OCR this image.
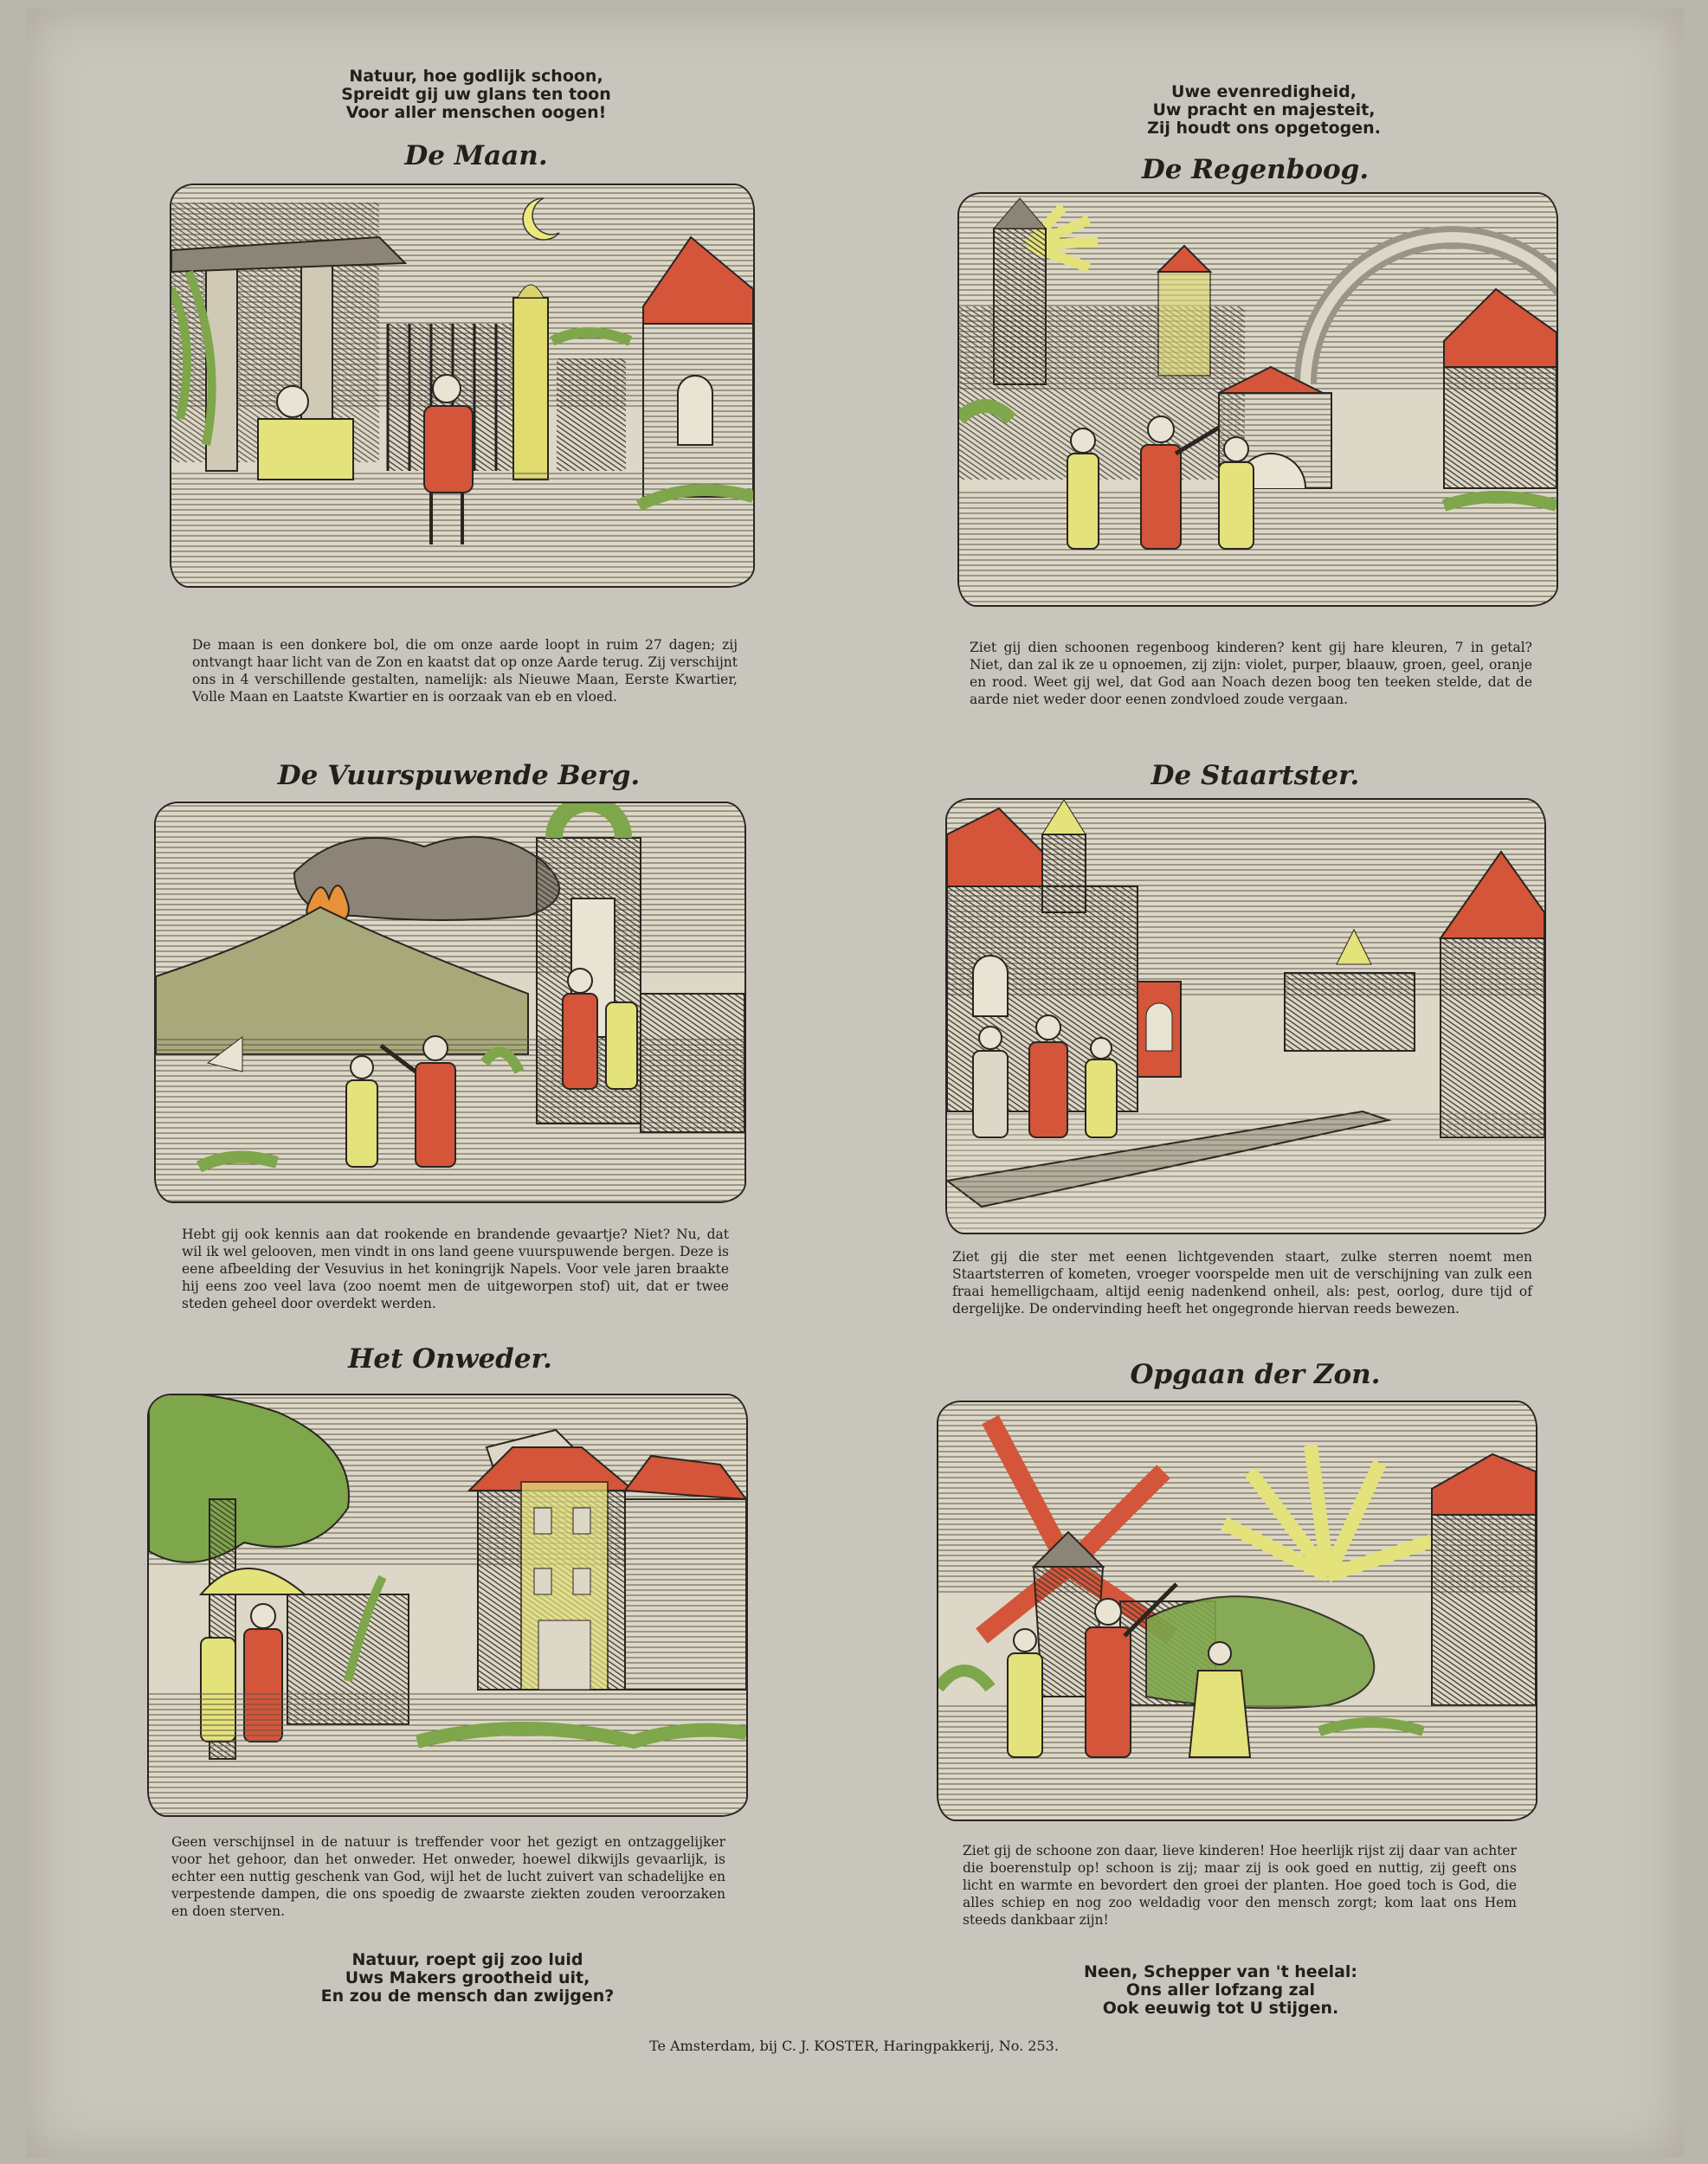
Natuur, hoe godlijk schoon,
Spreidt gij uw glans ten toon
Voor aller menschen oogen!
Uwe evenredigheid,
Uw pracht en majesteit,
Zij houdt ons opgetogen.
De Maan.
De maan is een donkere bol, die om onze aarde loopt in ruim 27 dagen; zij ontvangt haar licht van de Zon en kaatst dat op onze Aarde terug. Zij verschijnt ons in 4 verschillende gestalten, namelijk: als Nieuwe Maan, Eerste Kwartier, Volle Maan en Laatste Kwartier en is oorzaak van eb en vloed.
De Regenboog.
Ziet gij dien schoonen regenboog kinderen? kent gij hare kleuren, 7 in getal? Niet, dan zal ik ze u opnoemen, zij zijn: violet, purper, blaauw, groen, geel, oranje en rood. Weet gij wel, dat God aan Noach dezen boog ten teeken stelde, dat de aarde niet weder door eenen zondvloed zoude vergaan.
De Vuurspuwende Berg.
Hebt gij ook kennis aan dat rookende en brandende gevaartje? Niet? Nu, dat wil ik wel gelooven, men vindt in ons land geene vuurspuwende bergen. Deze is eene afbeelding der Vesuvius in het koningrijk Napels. Voor vele jaren braakte hij eens zoo veel lava (zoo noemt men de uitgeworpen stof) uit, dat er twee steden geheel door overdekt werden.
De Staartster.
Ziet gij die ster met eenen lichtgevenden staart, zulke sterren noemt men Staartsterren of kometen, vroeger voorspelde men uit de verschijning van zulk een fraai hemelligchaam, altijd eenig nadenkend onheil, als: pest, oorlog, dure tijd of dergelijke. De ondervinding heeft het ongegronde hiervan reeds bewezen.
Het Onweder.
Geen verschijnsel in de natuur is treffender voor het gezigt en ontzaggelijker voor het gehoor, dan het onweder. Het onweder, hoewel dikwijls gevaarlijk, is echter een nuttig geschenk van God, wijl het de lucht zuivert van schadelijke en verpestende dampen, die ons spoedig de zwaarste ziekten zouden veroorzaken en doen sterven.
Opgaan der Zon.
Ziet gij de schoone zon daar, lieve kinderen! Hoe heerlijk rijst zij daar van achter die boerenstulp op! schoon is zij; maar zij is ook goed en nuttig, zij geeft ons licht en warmte en bevordert den groei der planten. Hoe goed toch is God, die alles schiep en nog zoo weldadig voor den mensch zorgt; kom laat ons Hem steeds dankbaar zijn!
Natuur, roept gij zoo luid
Uws Makers grootheid uit,
En zou de mensch dan zwijgen?
Neen, Schepper van 't heelal:
Ons aller lofzang zal
Ook eeuwig tot U stijgen.
Te Amsterdam, bij C. J. KOSTER, Haringpakkerij, No. 253.
